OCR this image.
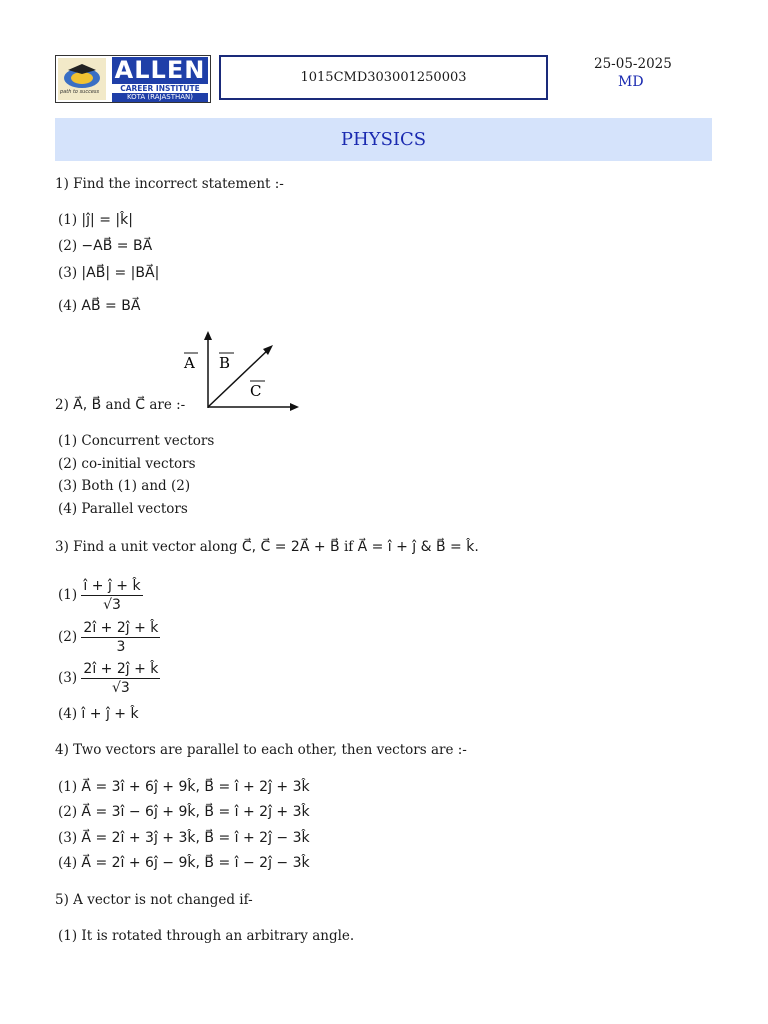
path to success
ALLEN
CAREER INSTITUTE
KOTA (RAJASTHAN)
1015CMD303001250003
25-05-2025
MD
PHYSICS
1) Find the incorrect statement :-
(1) |ĵ| = |k̂|
(2) −AB⃗ = BA⃗
(3) |AB⃗| = |BA⃗|
(4) AB⃗ = BA⃗
A B
C
2) A⃗, B⃗ and C⃗ are :-
(1) Concurrent vectors
(2) co-initial vectors
(3) Both (1) and (2)
(4) Parallel vectors
3) Find a unit vector along C⃗, C⃗ = 2A⃗ + B⃗ if A⃗ = î + ĵ & B⃗ = k̂.
$(1) \frac{î + ĵ + k̂}{√3}$
$(2) \frac{2î + 2ĵ + k̂}{3}$
$(3) \frac{2î + 2ĵ + k̂}{√3}$
(4) î + ĵ + k̂
4) Two vectors are parallel to each other, then vectors are :-
(1) A⃗ = 3î + 6ĵ + 9k̂, B⃗ = î + 2ĵ + 3k̂
(2) A⃗ = 3î − 6ĵ + 9k̂, B⃗ = î + 2ĵ + 3k̂
(3) A⃗ = 2î + 3ĵ + 3k̂, B⃗ = î + 2ĵ − 3k̂
(4) A⃗ = 2î + 6ĵ − 9k̂, B⃗ = î − 2ĵ − 3k̂
5) A vector is not changed if-
(1) It is rotated through an arbitrary angle.
